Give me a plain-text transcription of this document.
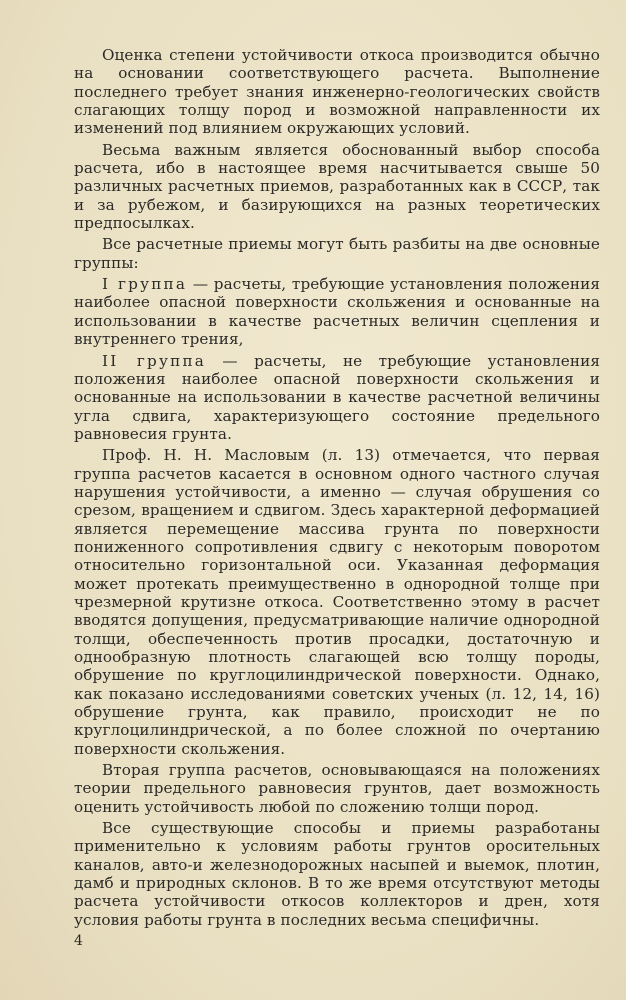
Оценка степени устойчивости откоса производится обычно на основании соответствующего расчета. Выполнение последнего требует знания инженерно-геологических свойств слагающих толщу пород и возможной направленности их изменений под влиянием окружающих условий.

Весьма важным является обоснованный выбор способа расчета, ибо в настоящее время насчитывается свыше 50 различных расчетных приемов, разработанных как в СССР, так и за рубежом, и базирующихся на разных теоретических предпосылках.

Все расчетные приемы могут быть разбиты на две основные группы:

I группа — расчеты, требующие установления положения наиболее опасной поверхности скольжения и основанные на использовании в качестве расчетных величин сцепления и внутреннего трения,

II группа — расчеты, не требующие установления положения наиболее опасной поверхности скольжения и основанные на использовании в качестве расчетной величины угла сдвига, характеризующего состояние предельного равновесия грунта.

Проф. Н. Н. Масловым (л. 13) отмечается, что первая группа расчетов касается в основном одного частного случая нарушения устойчивости, а именно — случая обрушения со срезом, вращением и сдвигом. Здесь характерной деформацией является перемещение массива грунта по поверхности пониженного сопротивления сдвигу с некоторым поворотом относительно горизонтальной оси. Указанная деформация может протекать преимущественно в однородной толще при чрезмерной крутизне откоса. Соответственно этому в расчет вводятся допущения, предусматривающие наличие однородной толщи, обеспеченность против просадки, достаточную и однообразную плотность слагающей всю толщу породы, обрушение по круглоцилиндрической поверхности. Однако, как показано исследованиями советских ученых (л. 12, 14, 16) обрушение грунта, как правило, происходит не по круглоцилиндрической, а по более сложной по очертанию поверхности скольжения.

Вторая группа расчетов, основывающаяся на положениях теории предельного равновесия грунтов, дает возможность оценить устойчивость любой по сложению толщи пород.

Все существующие способы и приемы разработаны применительно к условиям работы грунтов оросительных каналов, авто-и железнодорожных насыпей и выемок, плотин, дамб и природных склонов. В то же время отсутствуют методы расчета устойчивости откосов коллекторов и дрен, хотя условия работы грунта в последних весьма специфичны.

4
